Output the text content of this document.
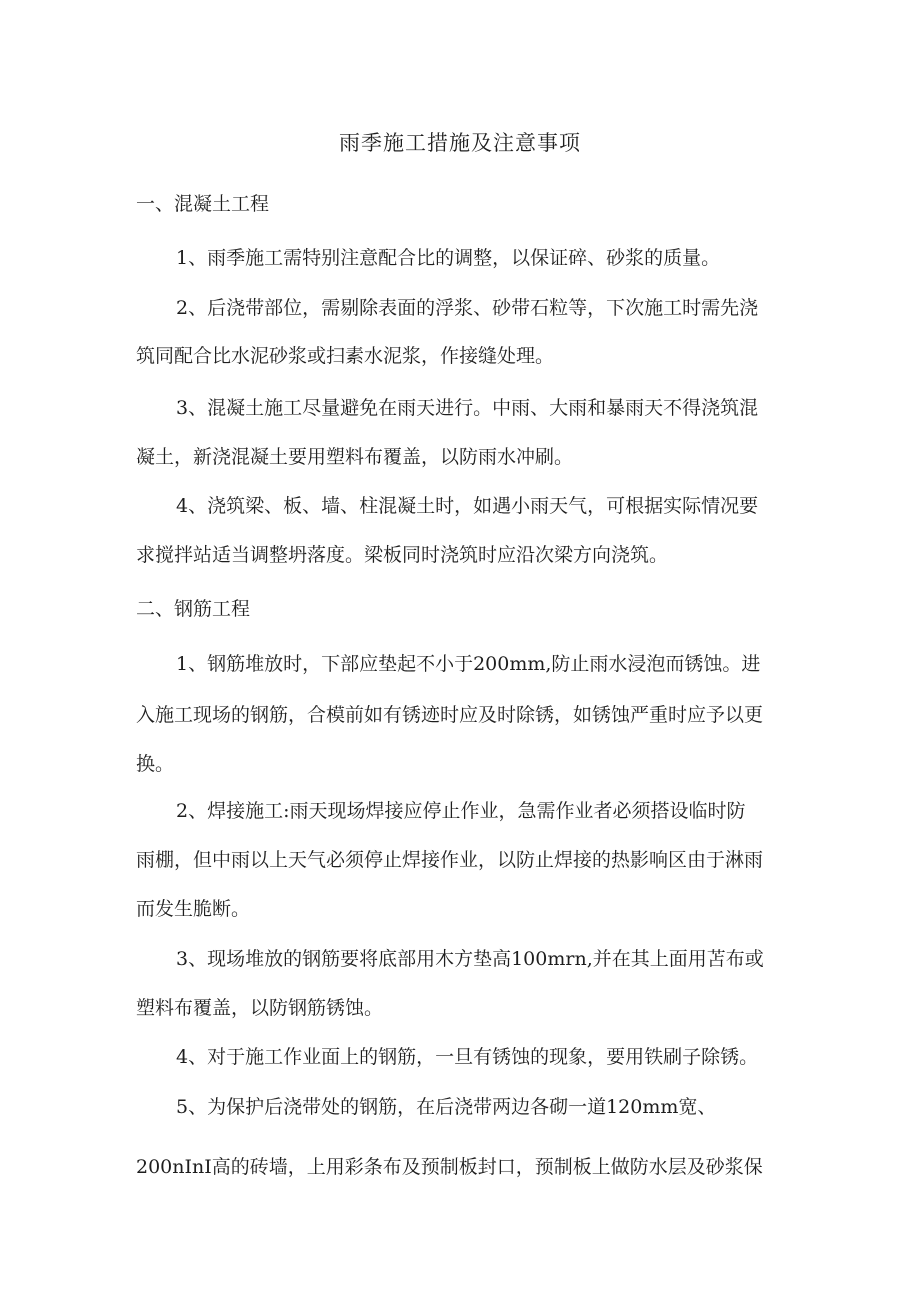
雨季施工措施及注意事项
一、混凝土工程
1、雨季施工需特别注意配合比的调整，以保证碎、砂浆的质量。
2、后浇带部位，需剔除表面的浮浆、砂带石粒等，下次施工时需先浇
筑同配合比水泥砂浆或扫素水泥浆，作接缝处理。
3、混凝土施工尽量避免在雨天进行。中雨、大雨和暴雨天不得浇筑混
凝土，新浇混凝土要用塑料布覆盖，以防雨水冲刷。
4、浇筑梁、板、墙、柱混凝土时，如遇小雨天气，可根据实际情况要
求搅拌站适当调整坍落度。梁板同时浇筑时应沿次梁方向浇筑。
二、钢筋工程
1、钢筋堆放时，下部应垫起不小于200mm,防止雨水浸泡而锈蚀。进
入施工现场的钢筋，合模前如有锈迹时应及时除锈，如锈蚀严重时应予以更
换。
2、焊接施工:雨天现场焊接应停止作业，急需作业者必须搭设临时防
雨棚，但中雨以上天气必须停止焊接作业，以防止焊接的热影响区由于淋雨
而发生脆断。
3、现场堆放的钢筋要将底部用木方垫高100mrn,并在其上面用苫布或
塑料布覆盖，以防钢筋锈蚀。
4、对于施工作业面上的钢筋，一旦有锈蚀的现象，要用铁刷子除锈。
5、为保护后浇带处的钢筋，在后浇带两边各砌一道120mm宽、
200nInI高的砖墙，上用彩条布及预制板封口，预制板上做防水层及砂浆保
